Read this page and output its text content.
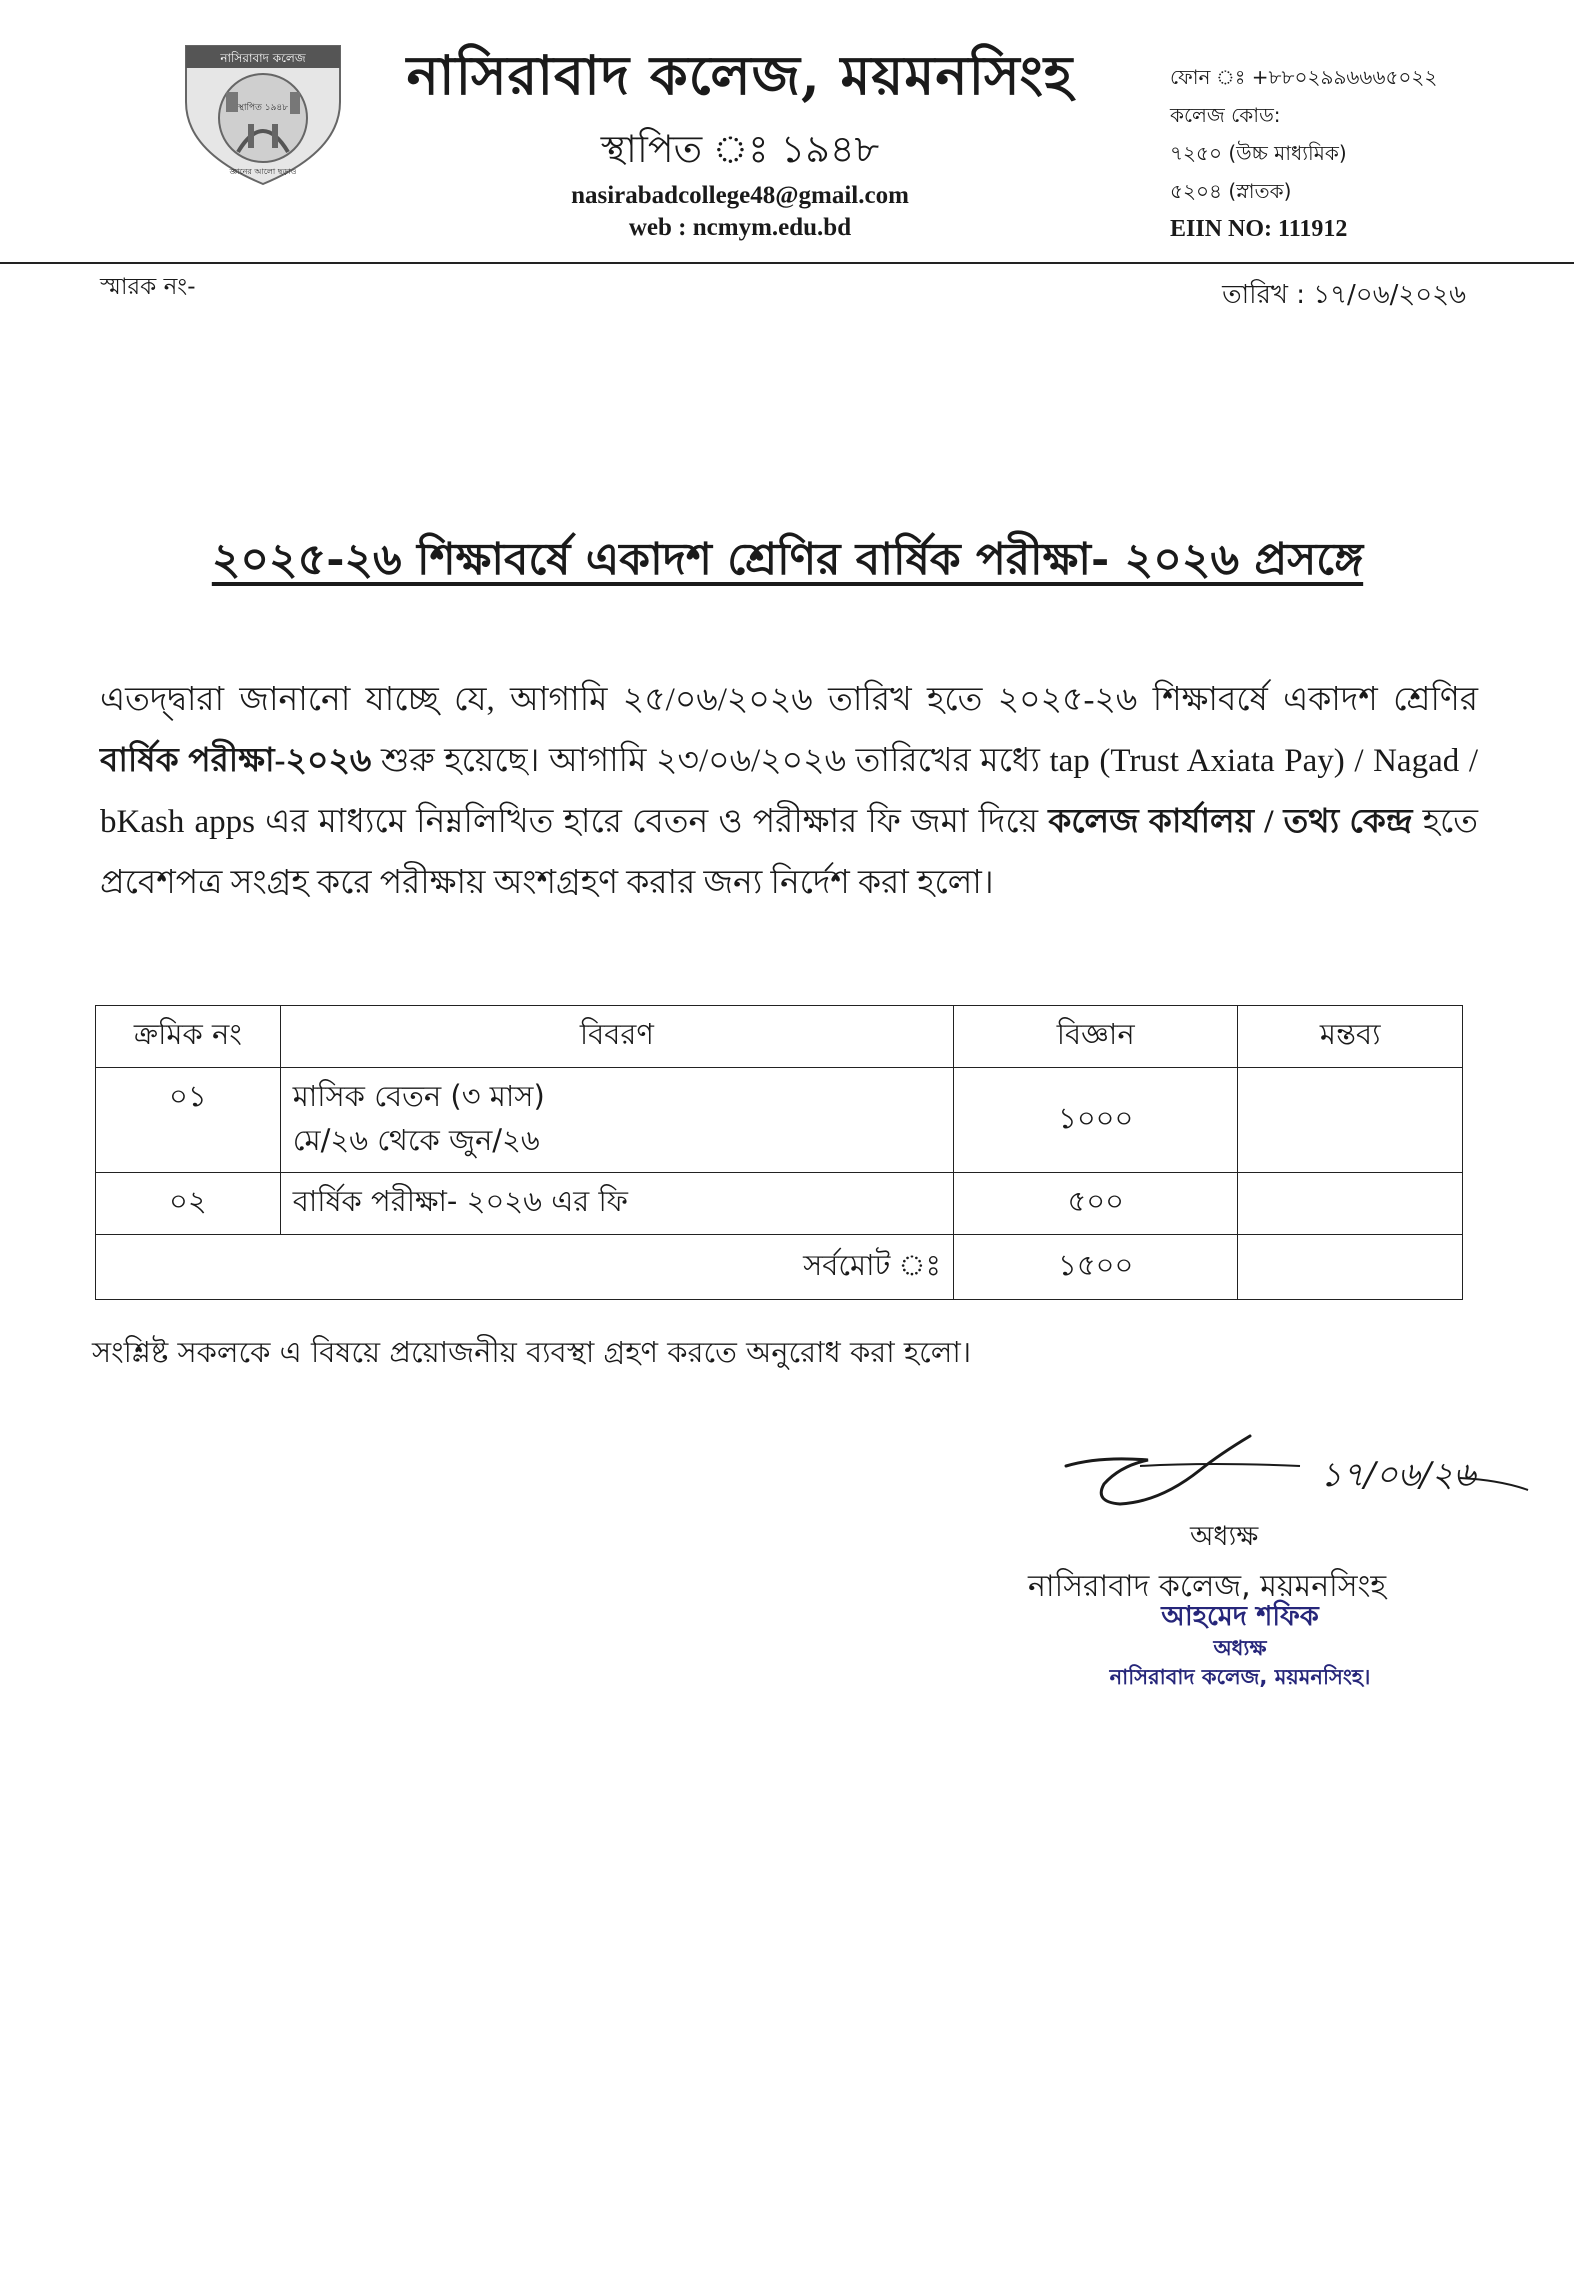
নাসিরাবাদ কলেজ
স্থাপিত ১৯৪৮
জ্ঞানের আলো ছড়াও
নাসিরাবাদ কলেজ, ময়মনসিংহ
স্থাপিত ঃ ১৯৪৮
nasirabadcollege48@gmail.com
web : ncmym.edu.bd
ফোন ঃ +৮৮০২৯৯৬৬৬৫০২২
কলেজ কোড:
৭২৫০ (উচ্চ মাধ্যমিক)
৫২০৪ (স্নাতক)
EIIN NO: 111912
স্মারক নং-	তারিখ : ১৭/০৬/২০২৬
২০২৫-২৬ শিক্ষাবর্ষে একাদশ শ্রেণির বার্ষিক পরীক্ষা- ২০২৬ প্রসঙ্গে
এতদ্দ্বারা জানানো যাচ্ছে যে, আগামি ২৫/০৬/২০২৬ তারিখ হতে ২০২৫-২৬ শিক্ষাবর্ষে একাদশ শ্রেণির বার্ষিক পরীক্ষা-২০২৬ শুরু হয়েছে। আগামি ২৩/০৬/২০২৬ তারিখের মধ্যে tap (Trust Axiata Pay) / Nagad / bKash apps এর মাধ্যমে নিম্নলিখিত হারে বেতন ও পরীক্ষার ফি জমা দিয়ে কলেজ কার্যালয় / তথ্য কেন্দ্র হতে প্রবেশপত্র সংগ্রহ করে পরীক্ষায় অংশগ্রহণ করার জন্য নির্দেশ করা হলো।
ক্রমিক নং	বিবরণ	বিজ্ঞান	মন্তব্য
০১	মাসিক বেতন (৩ মাস)
মে/২৬ থেকে জুন/২৬	১০০০	
০২	বার্ষিক পরীক্ষা- ২০২৬ এর ফি	৫০০	
সর্বমোট ঃ		১৫০০	
সংশ্লিষ্ট সকলকে এ বিষয়ে প্রয়োজনীয় ব্যবস্থা গ্রহণ করতে অনুরোধ করা হলো।
১৭/০৬/২৬
অধ্যক্ষ
নাসিরাবাদ কলেজ, ময়মনসিংহ
আহমেদ শফিক
অধ্যক্ষ
নাসিরাবাদ কলেজ, ময়মনসিংহ।
